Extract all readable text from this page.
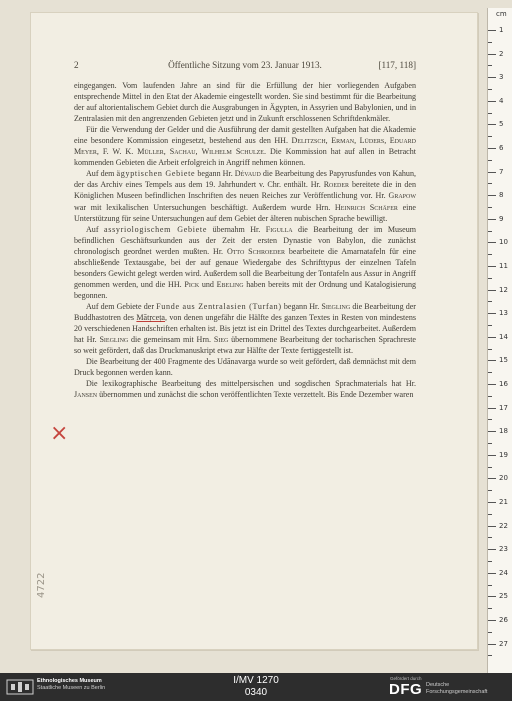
2	Öffentliche Sitzung vom 23. Januar 1913.	[117, 118]

eingegangen. Vom laufenden Jahre an sind für die Erfüllung der hier vorliegenden Aufgaben entsprechende Mittel in den Etat der Akademie eingestellt worden. Sie sind bestimmt für die Bearbeitung der auf altorientalischem Gebiet durch die Ausgrabungen in Ägypten, in Assyrien und Babylonien, und in Zentralasien mit den angrenzenden Gebieten jetzt und in Zukunft erschlossenen Schriftdenkmäler.

Für die Verwendung der Gelder und die Ausführung der damit gestellten Aufgaben hat die Akademie eine besondere Kommission eingesetzt, bestehend aus den HH. Delitzsch, Erman, Lüders, Eduard Meyer, F. W. K. Müller, Sachau, Wilhelm Schulze. Die Kommission hat auf allen in Betracht kommenden Gebieten die Arbeit erfolgreich in Angriff nehmen können.

Auf dem ägyptischen Gebiete begann Hr. Dévaud die Bearbeitung des Papyrusfundes von Kahun, der das Archiv eines Tempels aus dem 19. Jahrhundert v. Chr. enthält. Hr. Roeder bereitete die in den Königlichen Museen befindlichen Inschriften des neuen Reiches zur Veröffentlichung vor. Hr. Grapow war mit lexikalischen Untersuchungen beschäftigt. Außerdem wurde Hrn. Heinrich Schäfer eine Unterstützung für seine Untersuchungen auf dem Gebiet der älteren nubischen Sprache bewilligt.

Auf assyriologischem Gebiete übernahm Hr. Figulla die Bearbeitung der im Museum befindlichen Geschäftsurkunden aus der Zeit der ersten Dynastie von Babylon, die zunächst chronologisch geordnet werden mußten. Hr. Otto Schroeder bearbeitete die Amarnatafeln für eine abschließende Textausgabe, bei der auf genaue Wiedergabe des Schrifttypus der einzelnen Tafeln besonders Gewicht gelegt werden wird. Außerdem soll die Bearbeitung der Tontafeln aus Assur in Angriff genommen werden, und die HH. Pick und Ebeling haben bereits mit der Ordnung und Katalogisierung begonnen.

Auf dem Gebiete der Funde aus Zentralasien (Turfan) begann Hr. Siegling die Bearbeitung der Buddhastotren des Mātṛceṭa, von denen ungefähr die Hälfte des ganzen Textes in Resten von mindestens 20 verschiedenen Handschriften erhalten ist. Bis jetzt ist ein Drittel des Textes durchgearbeitet. Außerdem hat Hr. Siegling die gemeinsam mit Hrn. Sieg übernommene Bearbeitung der tocharischen Sprachreste so weit gefördert, daß das Druckmanuskript etwa zur Hälfte der Texte fertiggestellt ist.

Die Bearbeitung der 400 Fragmente des Udānavarga wurde so weit gefördert, daß demnächst mit dem Druck begonnen werden kann.

Die lexikographische Bearbeitung des mittelpersischen und sogdischen Sprachmaterials hat Hr. Jansen übernommen und zunächst die schon veröffentlichten Texte verzettelt. Bis Ende Dezember waren

×
4722
cm
1
2
3
4
5
6
7
8
9
10
11
12
13
14
15
16
17
18
19
20
21
22
23
24
25
26
27
Ethnologisches Museum
Staatliche Museen zu Berlin
I/MV 1270
0340
Gefördert durch
DFG Deutsche
Forschungsgemeinschaft
